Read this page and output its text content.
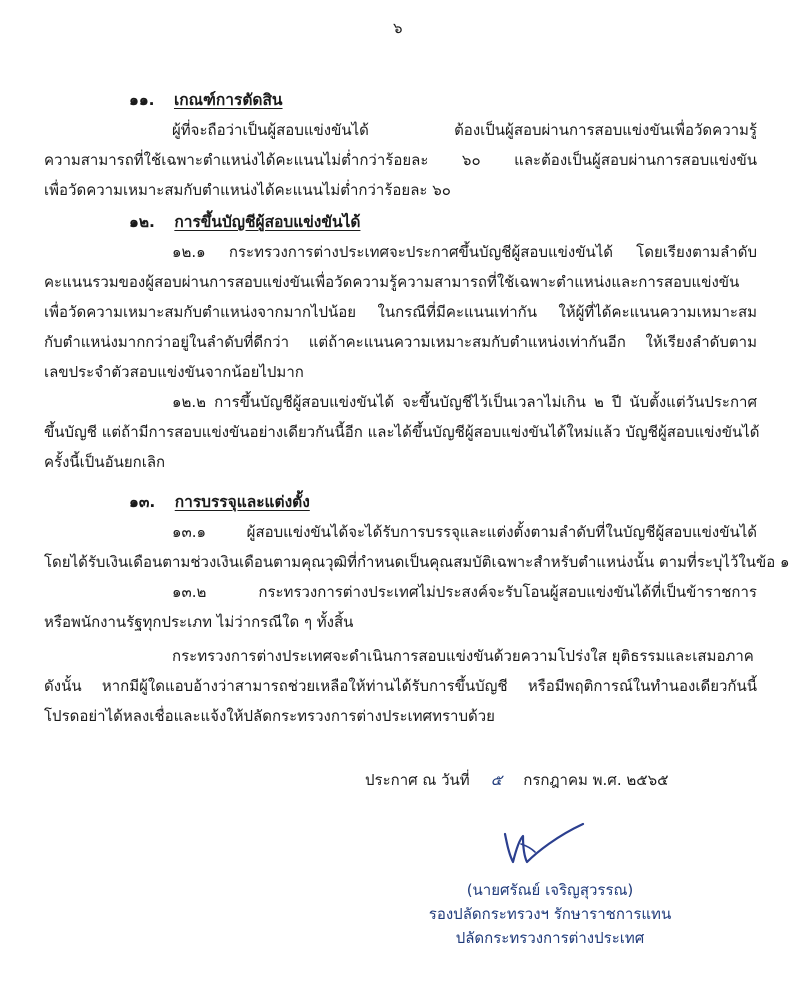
๖
๑๑. เกณฑ์การตัดสิน
ผู้ที่จะถือว่าเป็นผู้สอบแข่งขันได้ ต้องเป็นผู้สอบผ่านการสอบแข่งขันเพื่อวัดความรู้
ความสามารถที่ใช้เฉพาะตำแหน่งได้คะแนนไม่ต่ำกว่าร้อยละ ๖๐ และต้องเป็นผู้สอบผ่านการสอบแข่งขัน
เพื่อวัดความเหมาะสมกับตำแหน่งได้คะแนนไม่ต่ำกว่าร้อยละ ๖๐
๑๒. การขึ้นบัญชีผู้สอบแข่งขันได้
๑๒.๑ กระทรวงการต่างประเทศจะประกาศขึ้นบัญชีผู้สอบแข่งขันได้ โดยเรียงตามลำดับ
คะแนนรวมของผู้สอบผ่านการสอบแข่งขันเพื่อวัดความรู้ความสามารถที่ใช้เฉพาะตำแหน่งและการสอบแข่งขัน
เพื่อวัดความเหมาะสมกับตำแหน่งจากมากไปน้อย ในกรณีที่มีคะแนนเท่ากัน ให้ผู้ที่ได้คะแนนความเหมาะสม
กับตำแหน่งมากกว่าอยู่ในลำดับที่ดีกว่า แต่ถ้าคะแนนความเหมาะสมกับตำแหน่งเท่ากันอีก ให้เรียงลำดับตาม
เลขประจำตัวสอบแข่งขันจากน้อยไปมาก
๑๒.๒ การขึ้นบัญชีผู้สอบแข่งขันได้ จะขึ้นบัญชีไว้เป็นเวลาไม่เกิน ๒ ปี นับตั้งแต่วันประกาศ
ขึ้นบัญชี แต่ถ้ามีการสอบแข่งขันอย่างเดียวกันนี้อีก และได้ขึ้นบัญชีผู้สอบแข่งขันได้ใหม่แล้ว บัญชีผู้สอบแข่งขันได้
ครั้งนี้เป็นอันยกเลิก
๑๓. การบรรจุและแต่งตั้ง
๑๓.๑ ผู้สอบแข่งขันได้จะได้รับการบรรจุและแต่งตั้งตามลำดับที่ในบัญชีผู้สอบแข่งขันได้
โดยได้รับเงินเดือนตามช่วงเงินเดือนตามคุณวุฒิที่กำหนดเป็นคุณสมบัติเฉพาะสำหรับตำแหน่งนั้น ตามที่ระบุไว้ในข้อ ๑
๑๓.๒ กระทรวงการต่างประเทศไม่ประสงค์จะรับโอนผู้สอบแข่งขันได้ที่เป็นข้าราชการ
หรือพนักงานรัฐทุกประเภท ไม่ว่ากรณีใด ๆ ทั้งสิ้น
กระทรวงการต่างประเทศจะดำเนินการสอบแข่งขันด้วยความโปร่งใส ยุติธรรมและเสมอภาค
ดังนั้น หากมีผู้ใดแอบอ้างว่าสามารถช่วยเหลือให้ท่านได้รับการขึ้นบัญชี หรือมีพฤติการณ์ในทำนองเดียวกันนี้
โปรดอย่าได้หลงเชื่อและแจ้งให้ปลัดกระทรวงการต่างประเทศทราบด้วย
ประกาศ ณ วันที่ ๕ กรกฎาคม พ.ศ. ๒๕๖๕
(นายศรัณย์ เจริญสุวรรณ)
รองปลัดกระทรวงฯ รักษาราชการแทน
ปลัดกระทรวงการต่างประเทศ
